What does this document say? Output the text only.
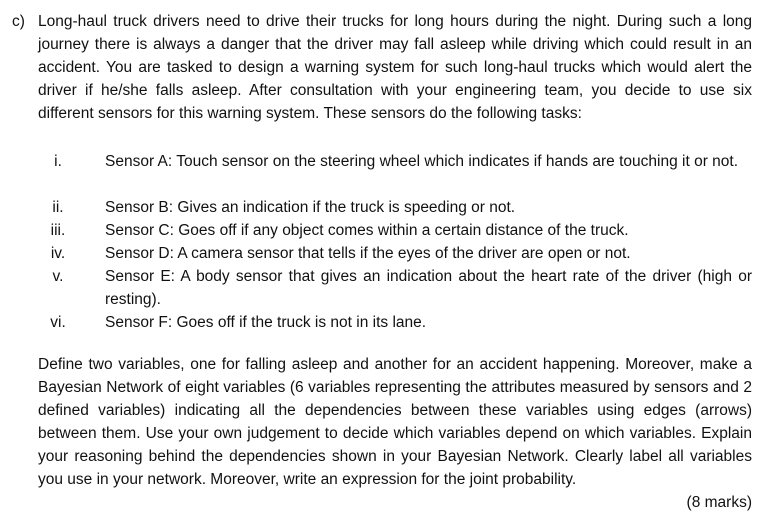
c) Long-haul truck drivers need to drive their trucks for long hours during the night. During such a long journey there is always a danger that the driver may fall asleep while driving which could result in an accident. You are tasked to design a warning system for such long-haul trucks which would alert the driver if he/she falls asleep. After consultation with your engineering team, you decide to use six different sensors for this warning system. These sensors do the following tasks:
i.	Sensor A: Touch sensor on the steering wheel which indicates if hands are touching it or not.
ii.	Sensor B: Gives an indication if the truck is speeding or not.
iii.	Sensor C: Goes off if any object comes within a certain distance of the truck.
iv.	Sensor D: A camera sensor that tells if the eyes of the driver are open or not.
v.	Sensor E: A body sensor that gives an indication about the heart rate of the driver (high or resting).
vi.	Sensor F: Goes off if the truck is not in its lane.
Define two variables, one for falling asleep and another for an accident happening. Moreover, make a Bayesian Network of eight variables (6 variables representing the attributes measured by sensors and 2 defined variables) indicating all the dependencies between these variables using edges (arrows) between them. Use your own judgement to decide which variables depend on which variables. Explain your reasoning behind the dependencies shown in your Bayesian Network. Clearly label all variables you use in your network. Moreover, write an expression for the joint probability.
(8 marks)
